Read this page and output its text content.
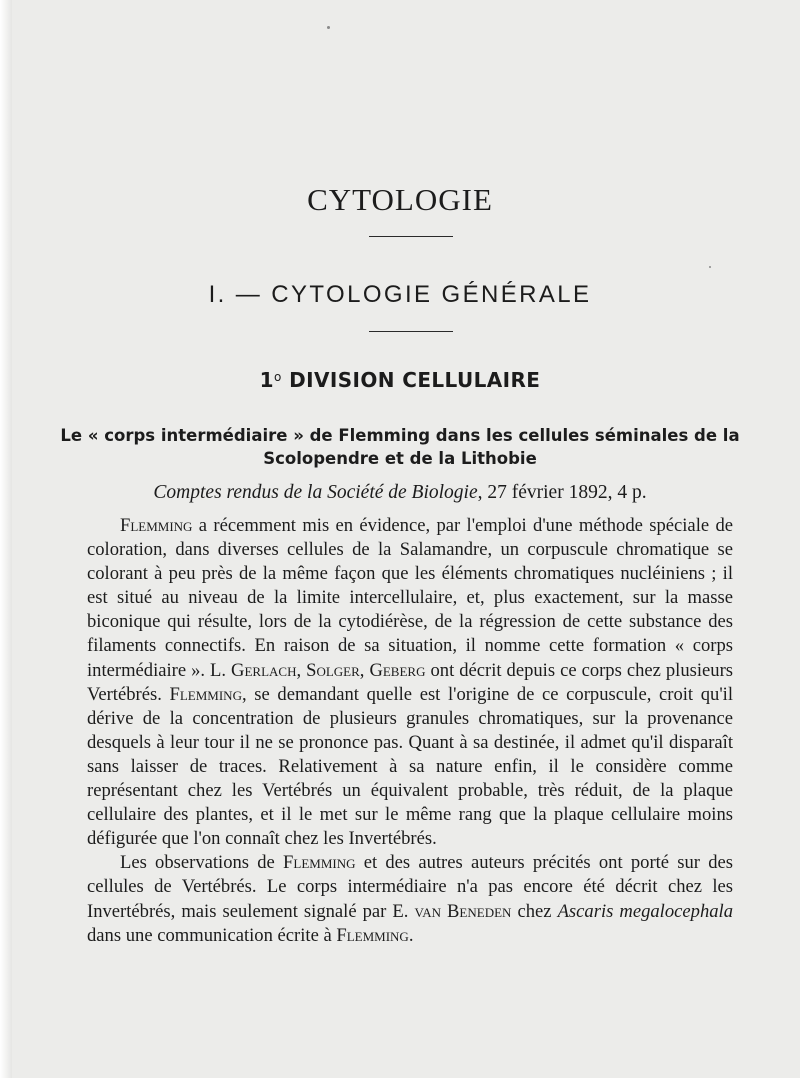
CYTOLOGIE
I. — CYTOLOGIE GÉNÉRALE
1$^o$ DIVISION CELLULAIRE
Le « corps intermédiaire » de Flemming dans les cellules séminales de la
Scolopendre et de la Lithobie

Comptes rendus de la Société de Biologie, 27 février 1892, 4 p.

Flemming a récemment mis en évidence, par l'emploi d'une méthode spéciale de coloration, dans diverses cellules de la Salamandre, un corpuscule chromatique se colorant à peu près de la même façon que les éléments chromatiques nucléiniens ; il est situé au niveau de la limite intercellulaire, et, plus exactement, sur la masse biconique qui résulte, lors de la cytodiérèse, de la régression de cette substance des filaments connectifs. En raison de sa situation, il nomme cette formation « corps intermédiaire ». L. Gerlach, Solger, Geberg ont décrit depuis ce corps chez plusieurs Vertébrés. Flemming, se demandant quelle est l'origine de ce corpuscule, croit qu'il dérive de la concentration de plusieurs granules chromatiques, sur la provenance desquels à leur tour il ne se prononce pas. Quant à sa destinée, il admet qu'il disparaît sans laisser de traces. Relativement à sa nature enfin, il le considère comme représentant chez les Vertébrés un équivalent probable, très réduit, de la plaque cellulaire des plantes, et il le met sur le même rang que la plaque cellulaire moins défigurée que l'on connaît chez les Invertébrés.

Les observations de Flemming et des autres auteurs précités ont porté sur des cellules de Vertébrés. Le corps intermédiaire n'a pas encore été décrit chez les Invertébrés, mais seulement signalé par E. van Beneden chez Ascaris megalocephala dans une communication écrite à Flemming.
